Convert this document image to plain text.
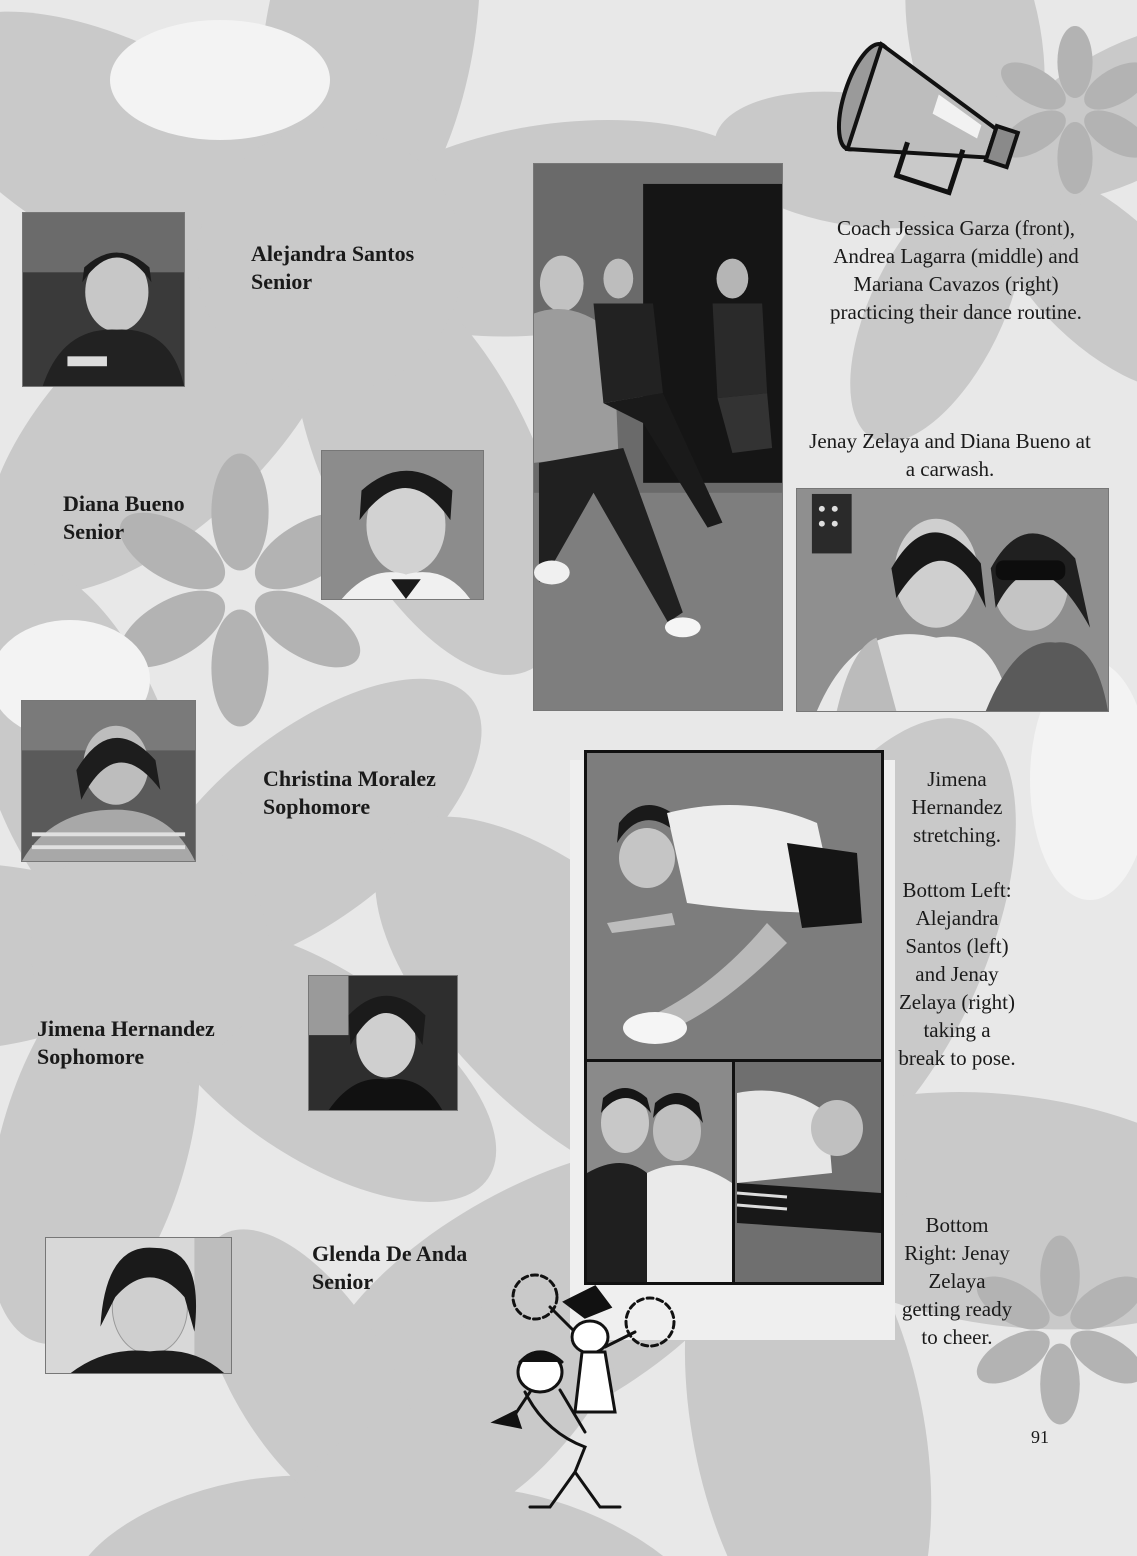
Alejandra Santos
Senior
Diana Bueno
Senior
Christina Moralez
Sophomore
Jimena Hernandez
Sophomore
Glenda De Anda
Senior
Coach Jessica Garza (front), Andrea Lagarra (middle) and Mariana Cavazos (right) practicing their dance routine.
Jenay Zelaya and Diana Bueno at a carwash.
Jimena Hernandez stretching.
Bottom Left: Alejandra Santos (left) and Jenay Zelaya (right) taking a break to pose.
Bottom Right: Jenay Zelaya getting ready to cheer.
91
